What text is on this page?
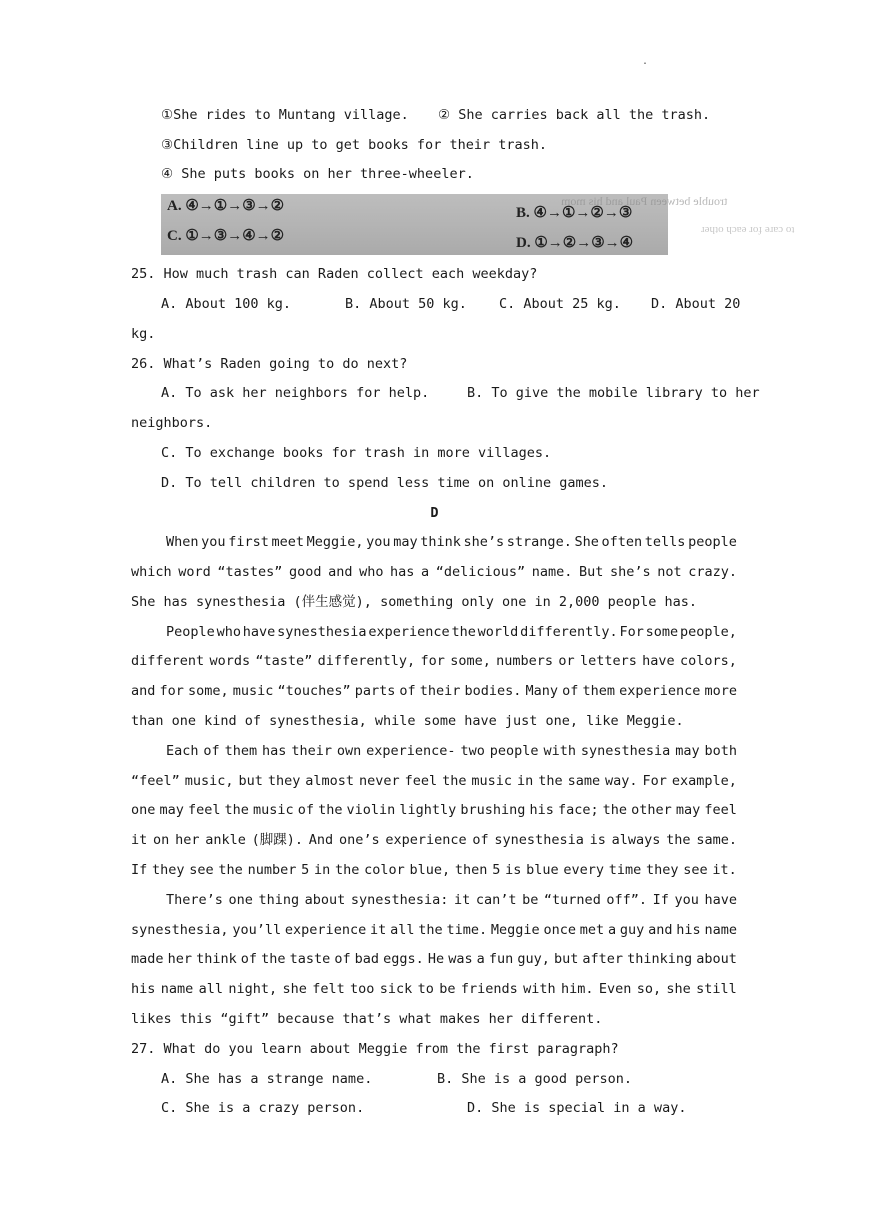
.
①She rides to Muntang village. ② She carries back all the trash.
③Children line up to get books for their trash.
④ She puts books on her three-wheeler.
trouble between Paul and his mom
to care for each other
A. ④→①→③→②	B. ④→①→②→③
C. ①→③→④→②	D. ①→②→③→④
25. How much trash can Raden collect each weekday?
A. About 100 kg.	B. About 50 kg. C. About 25 kg. D. About 20
kg.
26. What’s Raden going to do next?
A. To ask her neighbors for help.	B. To give the mobile library to her
neighbors.
C. To exchange books for trash in more villages.
D. To tell children to spend less time on online games.
D
When you first meet Meggie, you may think she’s strange. She often tells people
which word “tastes” good and who has a “delicious” name. But she’s not crazy.
She has synesthesia (伴生感觉), something only one in 2,000 people has.
People who have synesthesia experience the world differently. For some people,
different words “taste” differently, for some, numbers or letters have colors,
and for some, music “touches” parts of their bodies. Many of them experience more
than one kind of synesthesia, while some have just one, like Meggie.
Each of them has their own experience- two people with synesthesia may both
“feel” music, but they almost never feel the music in the same way. For example,
one may feel the music of the violin lightly brushing his face; the other may feel
it on her ankle (脚踝). And one’s experience of synesthesia is always the same.
If they see the number 5 in the color blue, then 5 is blue every time they see it.
There’s one thing about synesthesia: it can’t be “turned off”. If you have
synesthesia, you’ll experience it all the time. Meggie once met a guy and his name
made her think of the taste of bad eggs. He was a fun guy, but after thinking about
his name all night, she felt too sick to be friends with him. Even so, she still
likes this “gift” because that’s what makes her different.
27. What do you learn about Meggie from the first paragraph?
A. She has a strange name.	B. She is a good person.
C. She is a crazy person.	D. She is special in a way.
